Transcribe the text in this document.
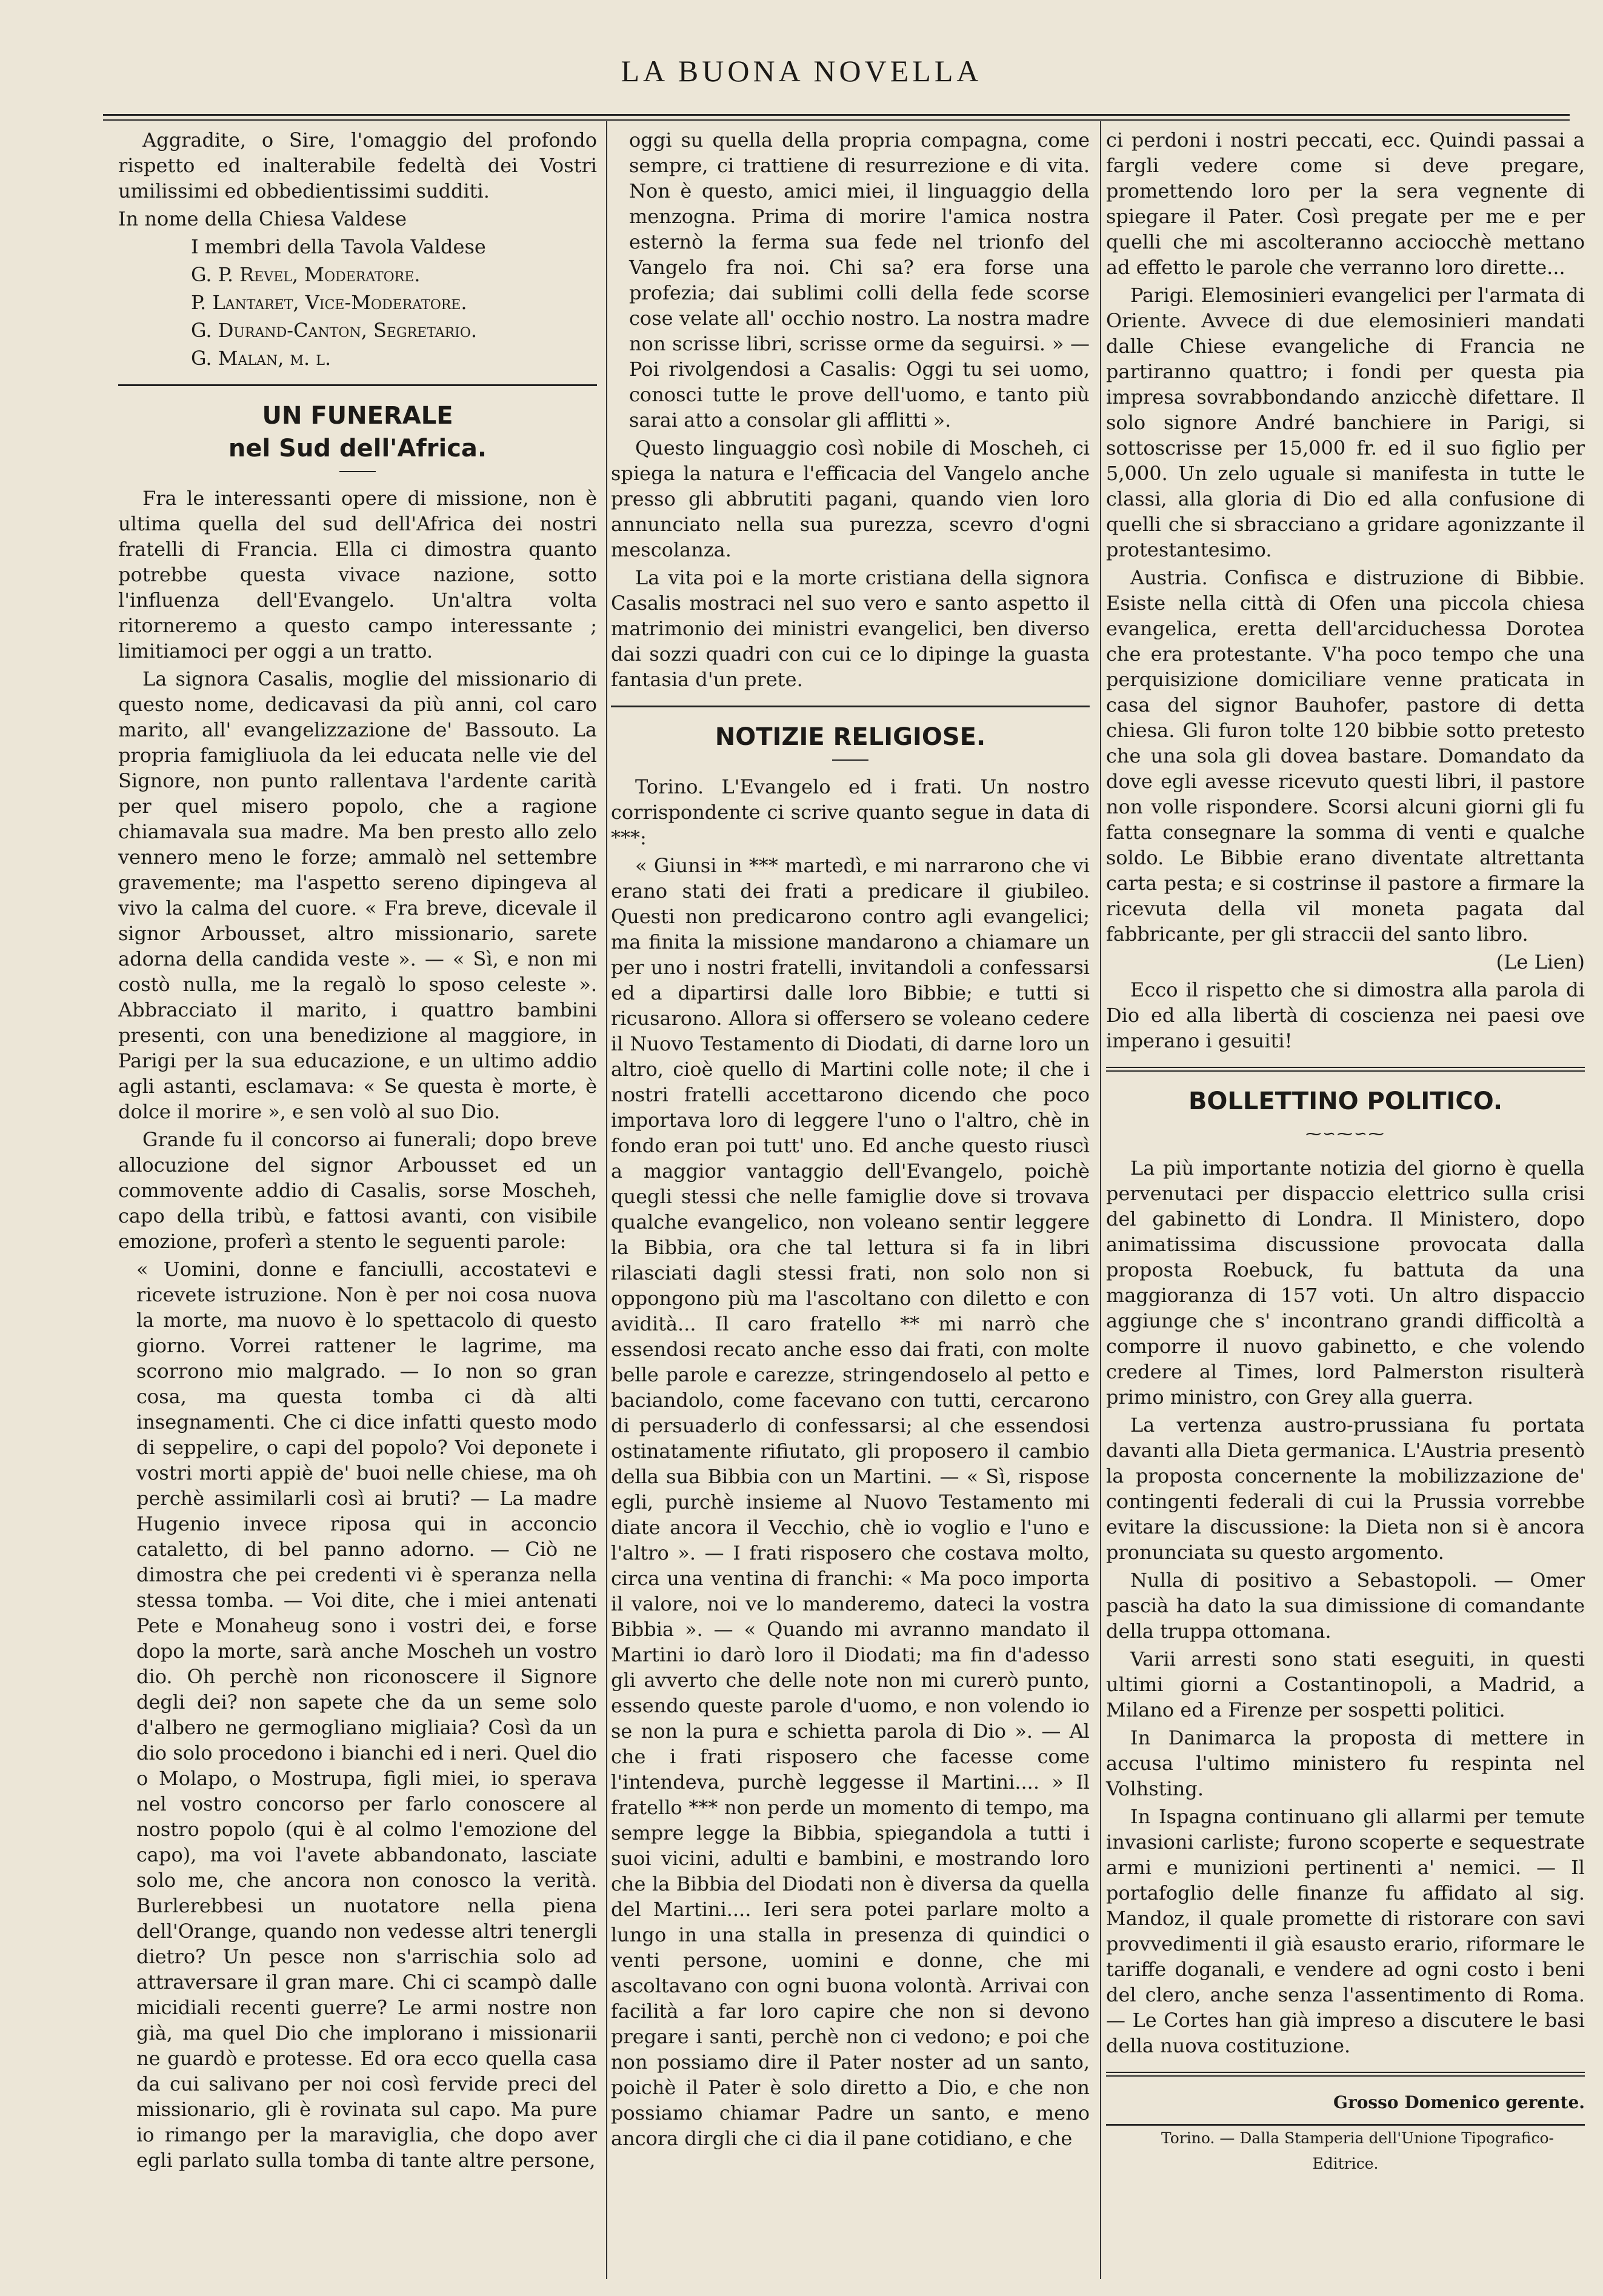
LA BUONA NOVELLA

Aggradite, o Sire, l'omaggio del profondo rispetto ed inalterabile fedeltà dei Vostri umilissimi ed obbedientissimi sudditi.

In nome della Chiesa Valdese

I membri della Tavola Valdese

G. P. Revel, Moderatore.

P. Lantaret, Vice-Moderatore.

G. Durand-Canton, Segretario.

G. Malan, m. l.

UN FUNERALE
nel Sud dell'Africa.

Fra le interessanti opere di missione, non è ultima quella del sud dell'Africa dei nostri fratelli di Francia. Ella ci dimostra quanto potrebbe questa vivace nazione, sotto l'influenza dell'Evangelo. Un'altra volta ritorneremo a questo campo interessante ; limitiamoci per oggi a un tratto.

La signora Casalis, moglie del missionario di questo nome, dedicavasi da più anni, col caro marito, all' evangelizzazione de' Bassouto. La propria famigliuola da lei educata nelle vie del Signore, non punto rallentava l'ardente carità per quel misero popolo, che a ragione chiamavala sua madre. Ma ben presto allo zelo vennero meno le forze; ammalò nel settembre gravemente; ma l'aspetto sereno dipingeva al vivo la calma del cuore. « Fra breve, dicevale il signor Arbousset, altro missionario, sarete adorna della candida veste ». — « Sì, e non mi costò nulla, me la regalò lo sposo celeste ». Abbracciato il marito, i quattro bambini presenti, con una benedizione al maggiore, in Parigi per la sua educazione, e un ultimo addio agli astanti, esclamava: « Se questa è morte, è dolce il morire », e sen volò al suo Dio.

Grande fu il concorso ai funerali; dopo breve allocuzione del signor Arbousset ed un commovente addio di Casalis, sorse Moscheh, capo della tribù, e fattosi avanti, con visibile emozione, proferì a stento le seguenti parole:

« Uomini, donne e fanciulli, accostatevi e ricevete istruzione. Non è per noi cosa nuova la morte, ma nuovo è lo spettacolo di questo giorno. Vorrei rattener le lagrime, ma scorrono mio malgrado. — Io non so gran cosa, ma questa tomba ci dà alti insegnamenti. Che ci dice infatti questo modo di seppelire, o capi del popolo? Voi deponete i vostri morti appiè de' buoi nelle chiese, ma oh perchè assimilarli così ai bruti? — La madre Hugenio invece riposa qui in acconcio cataletto, di bel panno adorno. — Ciò ne dimostra che pei credenti vi è speranza nella stessa tomba. — Voi dite, che i miei antenati Pete e Monaheug sono i vostri dei, e forse dopo la morte, sarà anche Moscheh un vostro dio. Oh perchè non riconoscere il Signore degli dei? non sapete che da un seme solo d'albero ne germogliano migliaia? Così da un dio solo procedono i bianchi ed i neri. Quel dio o Molapo, o Mostrupa, figli miei, io sperava nel vostro concorso per farlo conoscere al nostro popolo (qui è al colmo l'emozione del capo), ma voi l'avete abbandonato, lasciate solo me, che ancora non conosco la verità. Burlerebbesi un nuotatore nella piena dell'Orange, quando non vedesse altri tenergli dietro? Un pesce non s'arrischia solo ad attraversare il gran mare. Chi ci scampò dalle micidiali recenti guerre? Le armi nostre non già, ma quel Dio che implorano i missionarii ne guardò e protesse. Ed ora ecco quella casa da cui salivano per noi così fervide preci del missionario, gli è rovinata sul capo. Ma pure io rimango per la maraviglia, che dopo aver egli parlato sulla tomba di tante altre persone,

oggi su quella della propria compagna, come sempre, ci trattiene di resurrezione e di vita. Non è questo, amici miei, il linguaggio della menzogna. Prima di morire l'amica nostra esternò la ferma sua fede nel trionfo del Vangelo fra noi. Chi sa? era forse una profezia; dai sublimi colli della fede scorse cose velate all' occhio nostro. La nostra madre non scrisse libri, scrisse orme da seguirsi. » — Poi rivolgendosi a Casalis: Oggi tu sei uomo, conosci tutte le prove dell'uomo, e tanto più sarai atto a consolar gli afflitti ».

Questo linguaggio così nobile di Moscheh, ci spiega la natura e l'efficacia del Vangelo anche presso gli abbrutiti pagani, quando vien loro annunciato nella sua purezza, scevro d'ogni mescolanza.

La vita poi e la morte cristiana della signora Casalis mostraci nel suo vero e santo aspetto il matrimonio dei ministri evangelici, ben diverso dai sozzi quadri con cui ce lo dipinge la guasta fantasia d'un prete.

NOTIZIE RELIGIOSE.

Torino. L'Evangelo ed i frati. Un nostro corrispondente ci scrive quanto segue in data di ***:

« Giunsi in *** martedì, e mi narrarono che vi erano stati dei frati a predicare il giubileo. Questi non predicarono contro agli evangelici; ma finita la missione mandarono a chiamare un per uno i nostri fratelli, invitandoli a confessarsi ed a dipartirsi dalle loro Bibbie; e tutti si ricusarono. Allora si offersero se voleano cedere il Nuovo Testamento di Diodati, di darne loro un altro, cioè quello di Martini colle note; il che i nostri fratelli accettarono dicendo che poco importava loro di leggere l'uno o l'altro, chè in fondo eran poi tutt' uno. Ed anche questo riuscì a maggior vantaggio dell'Evangelo, poichè quegli stessi che nelle famiglie dove si trovava qualche evangelico, non voleano sentir leggere la Bibbia, ora che tal lettura si fa in libri rilasciati dagli stessi frati, non solo non si oppongono più ma l'ascoltano con diletto e con avidità... Il caro fratello ** mi narrò che essendosi recato anche esso dai frati, con molte belle parole e carezze, stringendoselo al petto e baciandolo, come facevano con tutti, cercarono di persuaderlo di confessarsi; al che essendosi ostinatamente rifiutato, gli proposero il cambio della sua Bibbia con un Martini. — « Sì, rispose egli, purchè insieme al Nuovo Testamento mi diate ancora il Vecchio, chè io voglio e l'uno e l'altro ». — I frati risposero che costava molto, circa una ventina di franchi: « Ma poco importa il valore, noi ve lo manderemo, dateci la vostra Bibbia ». — « Quando mi avranno mandato il Martini io darò loro il Diodati; ma fin d'adesso gli avverto che delle note non mi curerò punto, essendo queste parole d'uomo, e non volendo io se non la pura e schietta parola di Dio ». — Al che i frati risposero che facesse come l'intendeva, purchè leggesse il Martini.... » Il fratello *** non perde un momento di tempo, ma sempre legge la Bibbia, spiegandola a tutti i suoi vicini, adulti e bambini, e mostrando loro che la Bibbia del Diodati non è diversa da quella del Martini.... Ieri sera potei parlare molto a lungo in una stalla in presenza di quindici o venti persone, uomini e donne, che mi ascoltavano con ogni buona volontà. Arrivai con facilità a far loro capire che non si devono pregare i santi, perchè non ci vedono; e poi che non possiamo dire il Pater noster ad un santo, poichè il Pater è solo diretto a Dio, e che non possiamo chiamar Padre un santo, e meno ancora dirgli che ci dia il pane cotidiano, e che

ci perdoni i nostri peccati, ecc. Quindi passai a fargli vedere come si deve pregare, promettendo loro per la sera vegnente di spiegare il Pater. Così pregate per me e per quelli che mi ascolteranno acciocchè mettano ad effetto le parole che verranno loro dirette...

Parigi. Elemosinieri evangelici per l'armata di Oriente. Avvece di due elemosinieri mandati dalle Chiese evangeliche di Francia ne partiranno quattro; i fondi per questa pia impresa sovrabbondando anzicchè difettare. Il solo signore André banchiere in Parigi, si sottoscrisse per 15,000 fr. ed il suo figlio per 5,000. Un zelo uguale si manifesta in tutte le classi, alla gloria di Dio ed alla confusione di quelli che si sbracciano a gridare agonizzante il protestantesimo.

Austria. Confisca e distruzione di Bibbie. Esiste nella città di Ofen una piccola chiesa evangelica, eretta dell'arciduchessa Dorotea che era protestante. V'ha poco tempo che una perquisizione domiciliare venne praticata in casa del signor Bauhofer, pastore di detta chiesa. Gli furon tolte 120 bibbie sotto pretesto che una sola gli dovea bastare. Domandato da dove egli avesse ricevuto questi libri, il pastore non volle rispondere. Scorsi alcuni giorni gli fu fatta consegnare la somma di venti e qualche soldo. Le Bibbie erano diventate altrettanta carta pesta; e si costrinse il pastore a firmare la ricevuta della vil moneta pagata dal fabbricante, per gli straccii del santo libro.

(Le Lien)

Ecco il rispetto che si dimostra alla parola di Dio ed alla libertà di coscienza nei paesi ove imperano i gesuiti!

BOLLETTINO POLITICO.
⁓∽⁓∽⁓

La più importante notizia del giorno è quella pervenutaci per dispaccio elettrico sulla crisi del gabinetto di Londra. Il Ministero, dopo animatissima discussione provocata dalla proposta Roebuck, fu battuta da una maggioranza di 157 voti. Un altro dispaccio aggiunge che s' incontrano grandi difficoltà a comporre il nuovo gabinetto, e che volendo credere al Times, lord Palmerston risulterà primo ministro, con Grey alla guerra.

La vertenza austro-prussiana fu portata davanti alla Dieta germanica. L'Austria presentò la proposta concernente la mobilizzazione de' contingenti federali di cui la Prussia vorrebbe evitare la discussione: la Dieta non si è ancora pronunciata su questo argomento.

Nulla di positivo a Sebastopoli. — Omer pascià ha dato la sua dimissione di comandante della truppa ottomana.

Varii arresti sono stati eseguiti, in questi ultimi giorni a Costantinopoli, a Madrid, a Milano ed a Firenze per sospetti politici.

In Danimarca la proposta di mettere in accusa l'ultimo ministero fu respinta nel Volhsting.

In Ispagna continuano gli allarmi per temute invasioni carliste; furono scoperte e sequestrate armi e munizioni pertinenti a' nemici. — Il portafoglio delle finanze fu affidato al sig. Mandoz, il quale promette di ristorare con savi provvedimenti il già esausto erario, riformare le tariffe doganali, e vendere ad ogni costo i beni del clero, anche senza l'assentimento di Roma. — Le Cortes han già impreso a discutere le basi della nuova costituzione.

Grosso Domenico gerente.

Torino. — Dalla Stamperia dell'Unione Tipografico-Editrice.
